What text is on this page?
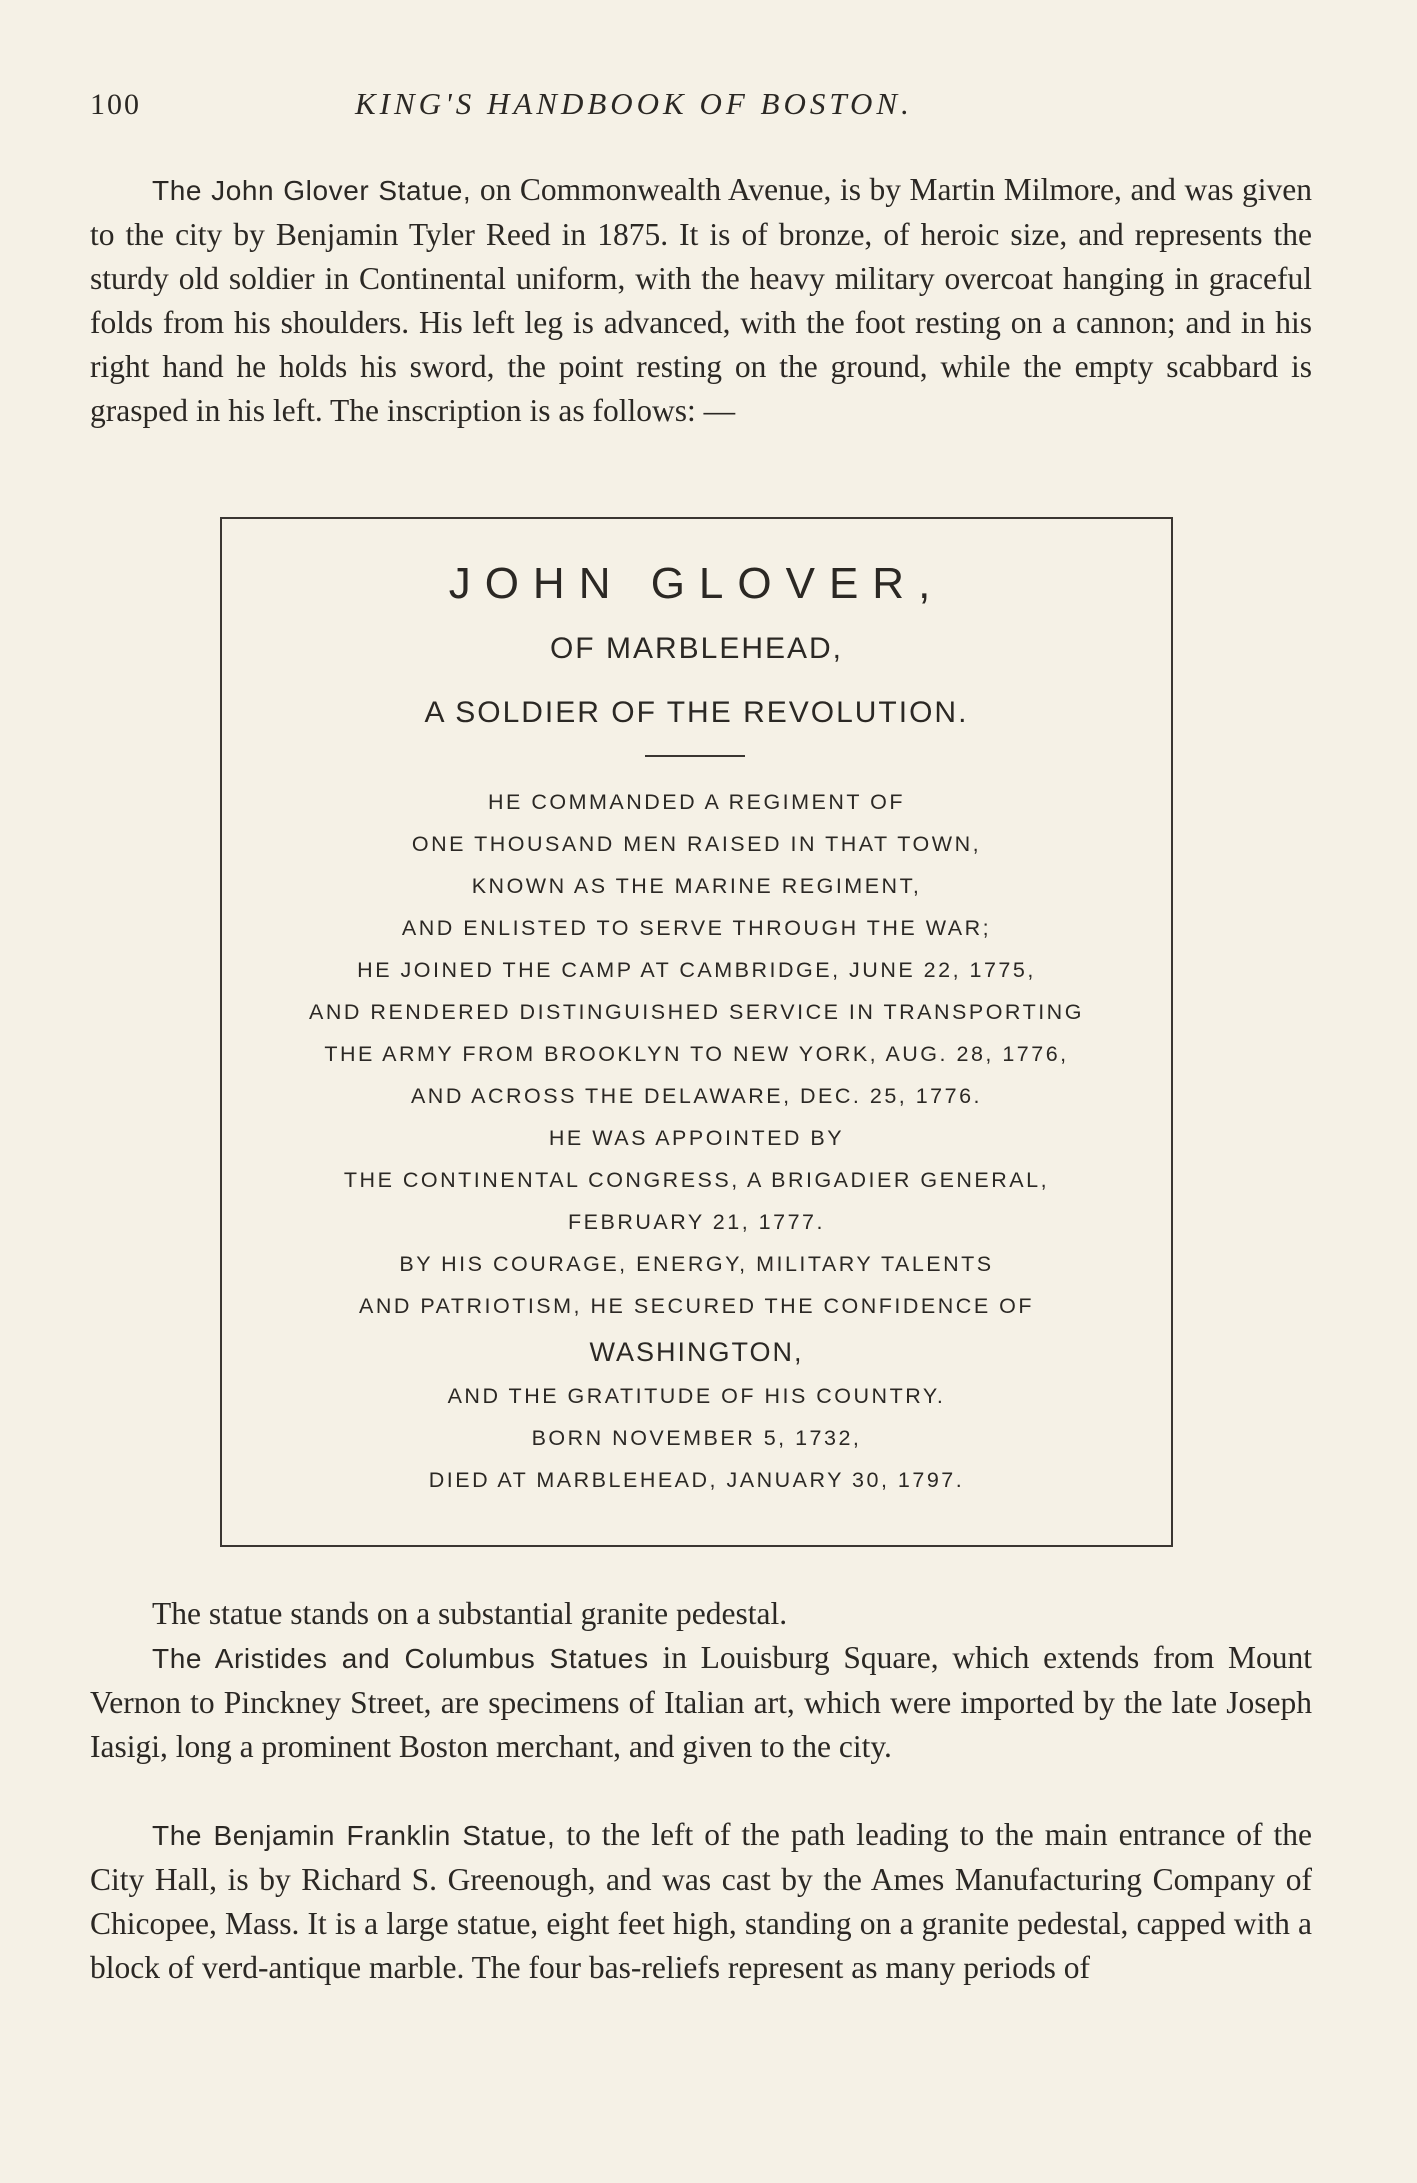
100	KING'S HANDBOOK OF BOSTON.

The John Glover Statue, on Commonwealth Avenue, is by Martin Milmore, and was given to the city by Benjamin Tyler Reed in 1875. It is of bronze, of heroic size, and represents the sturdy old soldier in Continental uniform, with the heavy military overcoat hanging in graceful folds from his shoulders. His left leg is advanced, with the foot resting on a cannon; and in his right hand he holds his sword, the point resting on the ground, while the empty scabbard is grasped in his left. The inscription is as follows: —

JOHN GLOVER,
OF MARBLEHEAD,
A SOLDIER OF THE REVOLUTION.
HE COMMANDED A REGIMENT OF
ONE THOUSAND MEN RAISED IN THAT TOWN,
KNOWN AS THE MARINE REGIMENT,
AND ENLISTED TO SERVE THROUGH THE WAR;
HE JOINED THE CAMP AT CAMBRIDGE, JUNE 22, 1775,
AND RENDERED DISTINGUISHED SERVICE IN TRANSPORTING
THE ARMY FROM BROOKLYN TO NEW YORK, AUG. 28, 1776,
AND ACROSS THE DELAWARE, DEC. 25, 1776.
HE WAS APPOINTED BY
THE CONTINENTAL CONGRESS, A BRIGADIER GENERAL,
FEBRUARY 21, 1777.
BY HIS COURAGE, ENERGY, MILITARY TALENTS
AND PATRIOTISM, HE SECURED THE CONFIDENCE OF
WASHINGTON,
AND THE GRATITUDE OF HIS COUNTRY.
BORN NOVEMBER 5, 1732,
DIED AT MARBLEHEAD, JANUARY 30, 1797.

The statue stands on a substantial granite pedestal.

The Aristides and Columbus Statues in Louisburg Square, which extends from Mount Vernon to Pinckney Street, are specimens of Italian art, which were imported by the late Joseph Iasigi, long a prominent Boston merchant, and given to the city.

The Benjamin Franklin Statue, to the left of the path leading to the main entrance of the City Hall, is by Richard S. Greenough, and was cast by the Ames Manufacturing Company of Chicopee, Mass. It is a large statue, eight feet high, standing on a granite pedestal, capped with a block of verd-antique marble. The four bas-reliefs represent as many periods of
